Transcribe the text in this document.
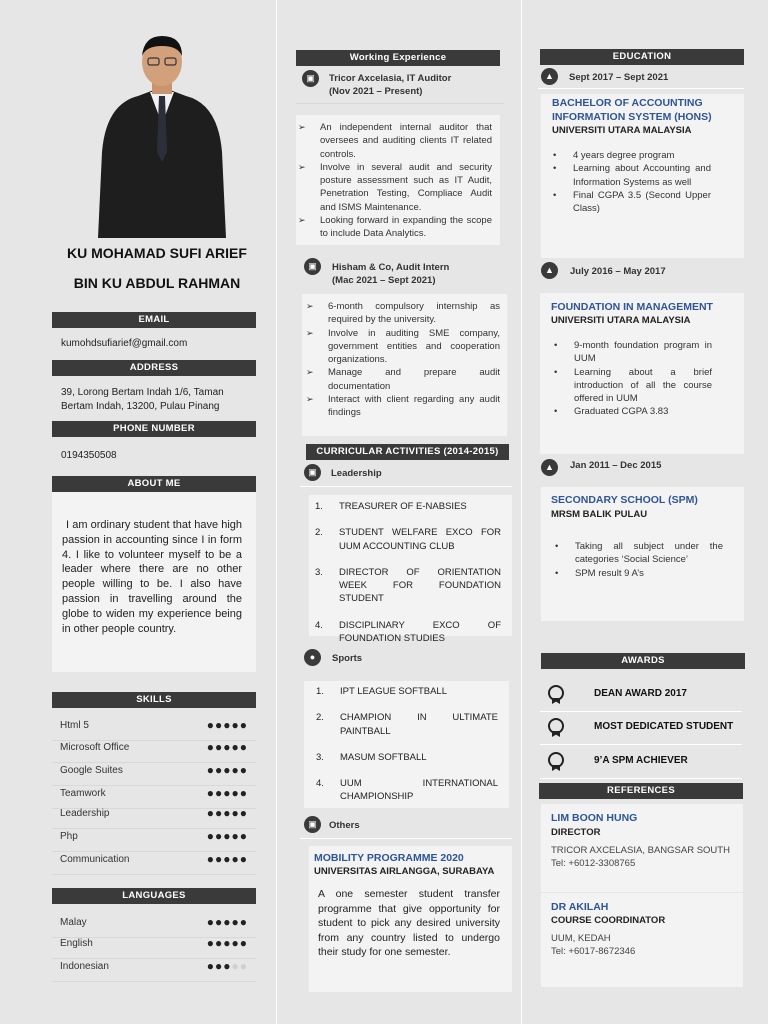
KU MOHAMAD SUFI ARIEF
BIN KU ABDUL RAHMAN
EMAIL
kumohdsufiarief@gmail.com
ADDRESS
39, Lorong Bertam Indah 1/6, Taman Bertam Indah, 13200, Pulau Pinang
PHONE NUMBER
0194350508
ABOUT ME
I am ordinary student that have high passion in accounting since I in form 4. I like to volunteer myself to be a leader where there are no other people willing to be. I also have passion in travelling around the globe to widen my experience being in other people country.
SKILLS
Html 5	●●●●●
Microsoft Office	●●●●●
Google Suites	●●●●●
Teamwork	●●●●●
Leadership	●●●●●
Php	●●●●●
Communication	●●●●●
LANGUAGES
Malay	●●●●●
English	●●●●●
Indonesian	●●●●●
Working Experience
▣	Tricor Axcelasia, IT Auditor
(Nov 2021 – Present)
➢ An independent internal auditor that oversees and auditing clients IT related controls.
➢ Involve in several audit and security posture assessment such as IT Audit, Penetration Testing, Compliace Audit and ISMS Maintenance.
➢ Looking forward in expanding the scope to include Data Analytics.
▣	Hisham & Co, Audit Intern
(Mac 2021 – Sept 2021)
➢ 6-month compulsory internship as required by the university.
➢ Involve in auditing SME company, government entities and cooperation organizations.
➢ Manage and prepare audit documentation
➢ Interact with client regarding any audit findings
CURRICULAR ACTIVITIES (2014-2015)
▣	Leadership
1.	TREASURER OF E-NABSIES
2.	STUDENT WELFARE EXCO FOR UUM ACCOUNTING CLUB
3.	DIRECTOR OF ORIENTATION WEEK FOR FOUNDATION STUDENT
4.	DISCIPLINARY EXCO OF FOUNDATION STUDIES
●	Sports
1.	IPT LEAGUE SOFTBALL
2.	CHAMPION IN ULTIMATE PAINTBALL
3.	MASUM SOFTBALL
4.	UUM INTERNATIONAL CHAMPIONSHIP
▣	Others
MOBILITY PROGRAMME 2020
UNIVERSITAS AIRLANGGA, SURABAYA
A one semester student transfer programme that give opportunity for student to pick any desired university from any country listed to undergo their study for one semester.
EDUCATION
▲	Sept 2017 – Sept 2021
BACHELOR OF ACCOUNTING INFORMATION SYSTEM (HONS)
UNIVERSITI UTARA MALAYSIA
• 4 years degree program
• Learning about Accounting and Information Systems as well
• Final CGPA 3.5 (Second Upper Class)
▲	July 2016 – May 2017
FOUNDATION IN MANAGEMENT
UNIVERSITI UTARA MALAYSIA
• 9-month foundation program in UUM
• Learning about a brief introduction of all the course offered in UUM
• Graduated CGPA 3.83
▲	Jan 2011 – Dec 2015
SECONDARY SCHOOL (SPM)
MRSM BALIK PULAU
• Taking all subject under the categories ‘Social Science’
• SPM result 9 A’s
AWARDS
DEAN AWARD 2017
MOST DEDICATED STUDENT
9’A SPM ACHIEVER
REFERENCES
LIM BOON HUNG
DIRECTOR
TRICOR AXCELASIA, BANGSAR SOUTH
Tel: +6012-3308765
DR AKILAH
COURSE COORDINATOR
UUM, KEDAH
Tel: +6017-8672346
